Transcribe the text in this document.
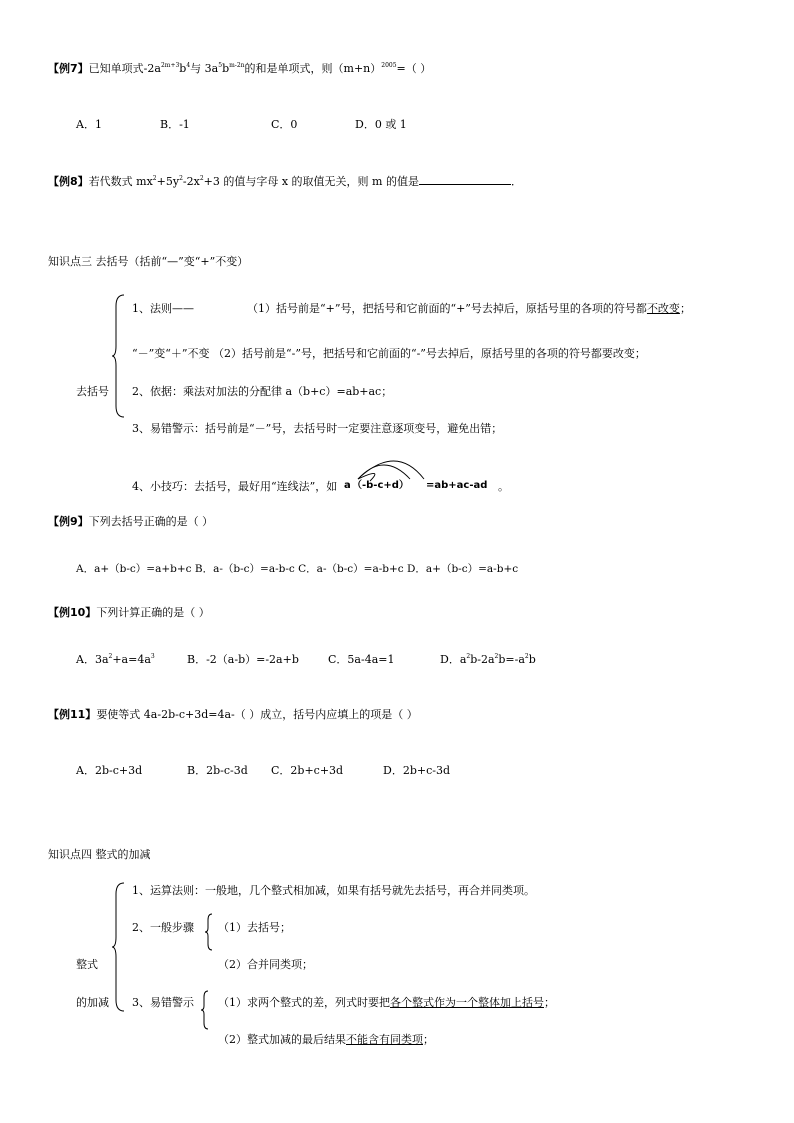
【例7】已知单项式$-2a^{2m+3}b^4$与 $3a^5b^{m-2n}$的和是单项式，则$(m+n)^{2005}=$（ ）
A．1	B．-1	C．0	D．0 或 1
【例8】若代数式 $mx^2+5y^2-2x^2+3$ 的值与字母 x 的取值无关，则 m 的值是	．
知识点三 去括号（括前“—”变“+”不变）
去括号
1、法则——	（1）括号前是“+”号，把括号和它前面的“+”号去掉后，原括号里的各项的符号都不改变；
“－”变“＋”不变 （2）括号前是“-”号，把括号和它前面的“-”号去掉后，原括号里的各项的符号都要改变；
2、依据：乘法对加法的分配律 a（b+c）=ab+ac；
3、易错警示：括号前是“－”号，去括号时一定要注意逐项变号，避免出错；
4、小技巧：去括号，最好用“连线法”，如 a （-b-c+d） =ab+ac-ad 。
【例9】下列去括号正确的是（ ）
A．a+（b-c）=a+b+c B．a-（b-c）=a-b-c C．a-（b-c）=a-b+c D．a+（b-c）=a-b+c
【例10】下列计算正确的是（ ）
A．$3a^2+a=4a^3$	B．-2（a-b）=-2a+b	C．5a-4a=1	D．$a^2b-2a^2b=-a^2b$
【例11】要使等式 4a-2b-c+3d=4a-（ ）成立，括号内应填上的项是（ ）
A．2b-c+3d	B．2b-c-3d C．2b+c+3d	D．2b+c-3d
知识点四 整式的加减
整式
的加减
1、运算法则：一般地，几个整式相加减，如果有括号就先去括号，再合并同类项。
2、一般步骤 （1）去括号；
（2）合并同类项；
3、易错警示 （1）求两个整式的差，列式时要把各个整式作为一个整体加上括号；
（2）整式加减的最后结果不能含有同类项；
